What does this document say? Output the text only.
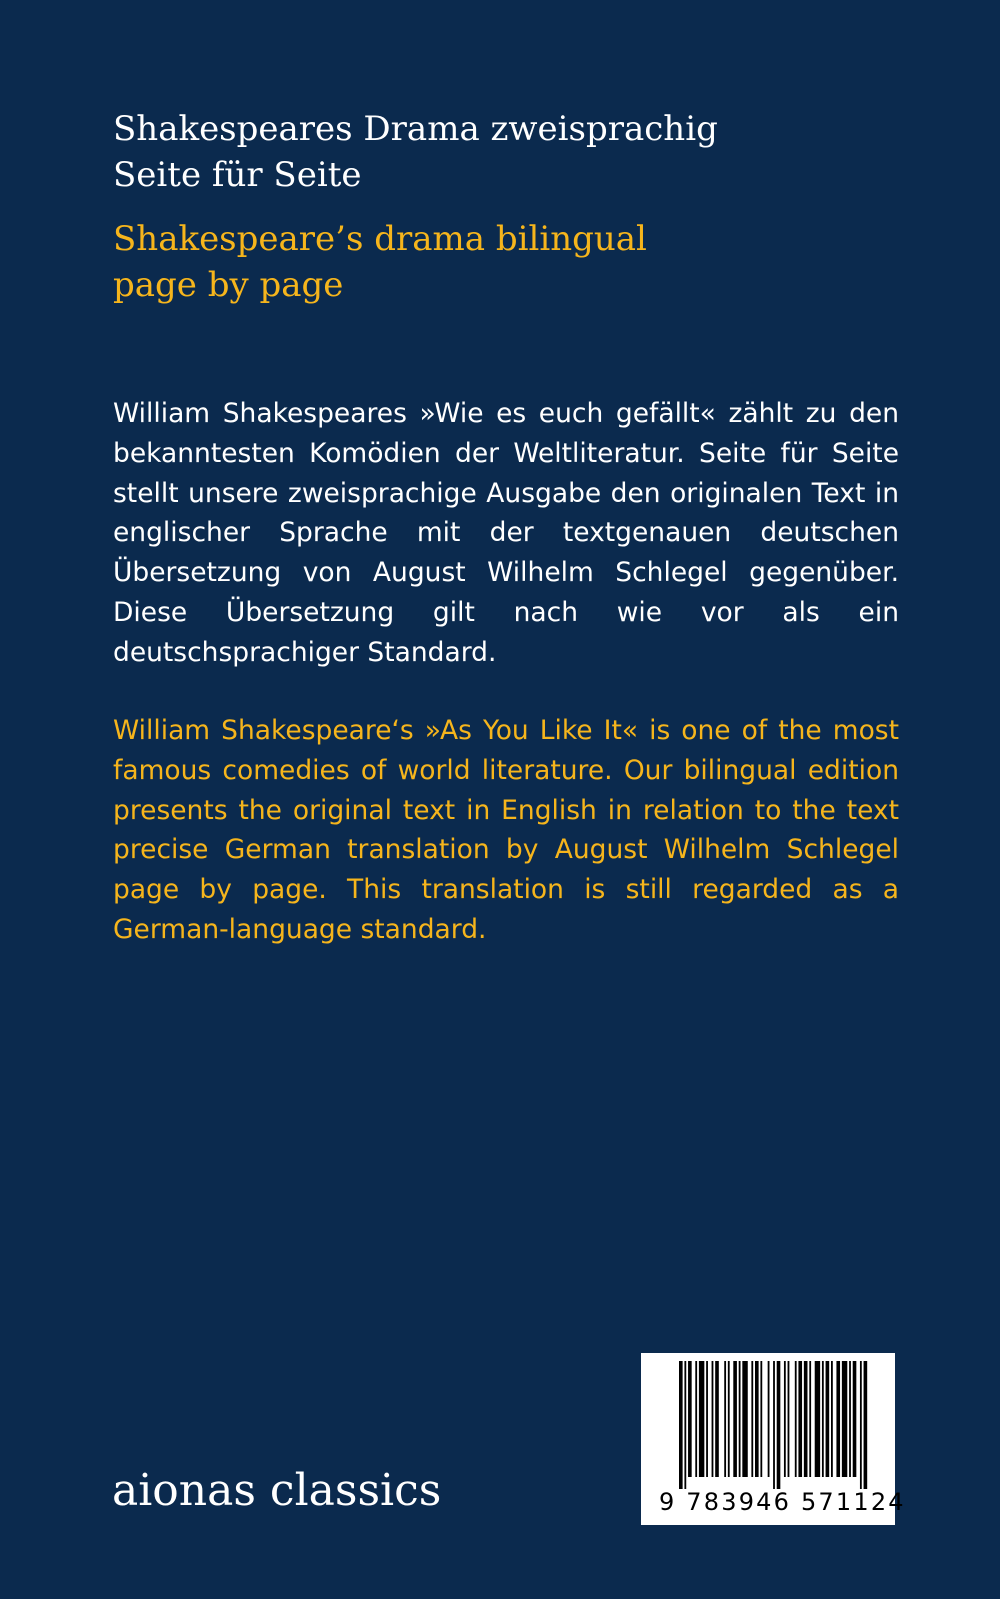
Shakespeares Drama zweisprachig
Seite für Seite
Shakespeare’s drama bilingual
page by page

William Shakespeares »Wie es euch gefällt« zählt zu den bekanntesten Komödien der Weltliteratur. Seite für Seite stellt unsere zweisprachige Ausgabe den originalen Text in englischer Sprache mit der textgenauen deutschen Übersetzung von August Wilhelm Schlegel gegenüber. Diese Übersetzung gilt nach wie vor als ein deutschsprachiger Standard.

William Shakespeare‘s »As You Like It« is one of the most famous comedies of world literature. Our bilingual edition presents the original text in English in relation to the text precise German translation by August Wilhelm Schlegel page by page. This translation is still regarded as a German-language standard.

aionas classics	9 783946 571124
